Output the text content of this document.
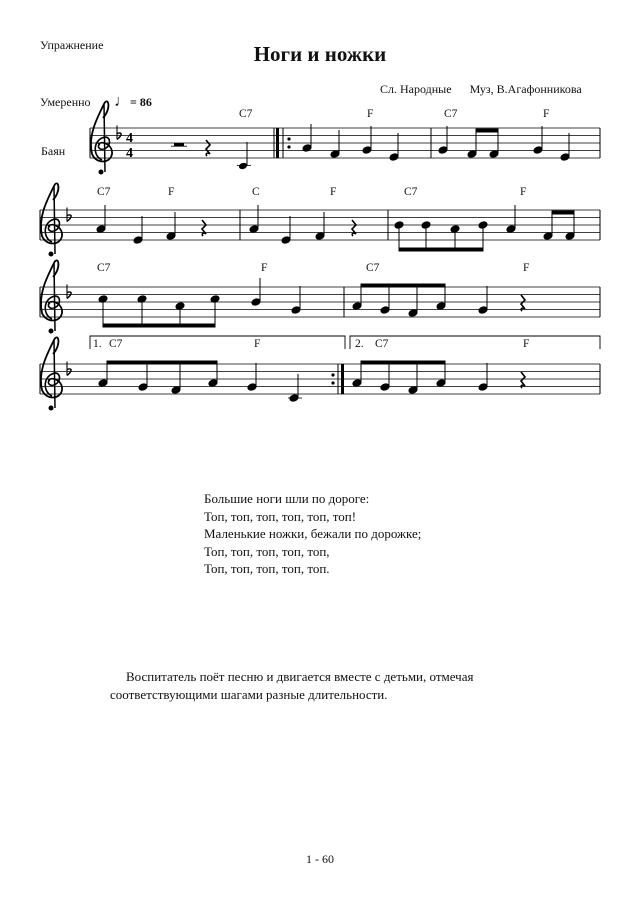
Упражнение	Ноги и ножки
Сл. Народные Муз, В.Агафонникова
Умеренно ♩= 86
Баян
C7	F	C7	F
C7	F	C	F	C7	F
C7	F	C7	F
1. C7	F	2. C7	F
4
4
Большие ноги шли по дороге:
Топ, топ, топ, топ, топ, топ!
Маленькие ножки, бежали по дорожке;
Топ, топ, топ, топ, топ,
Топ, топ, топ, топ, топ.
Воспитатель поёт песню и двигается вместе с детьми, отмечая
соответствующими шагами разные длительности.
1 - 60
